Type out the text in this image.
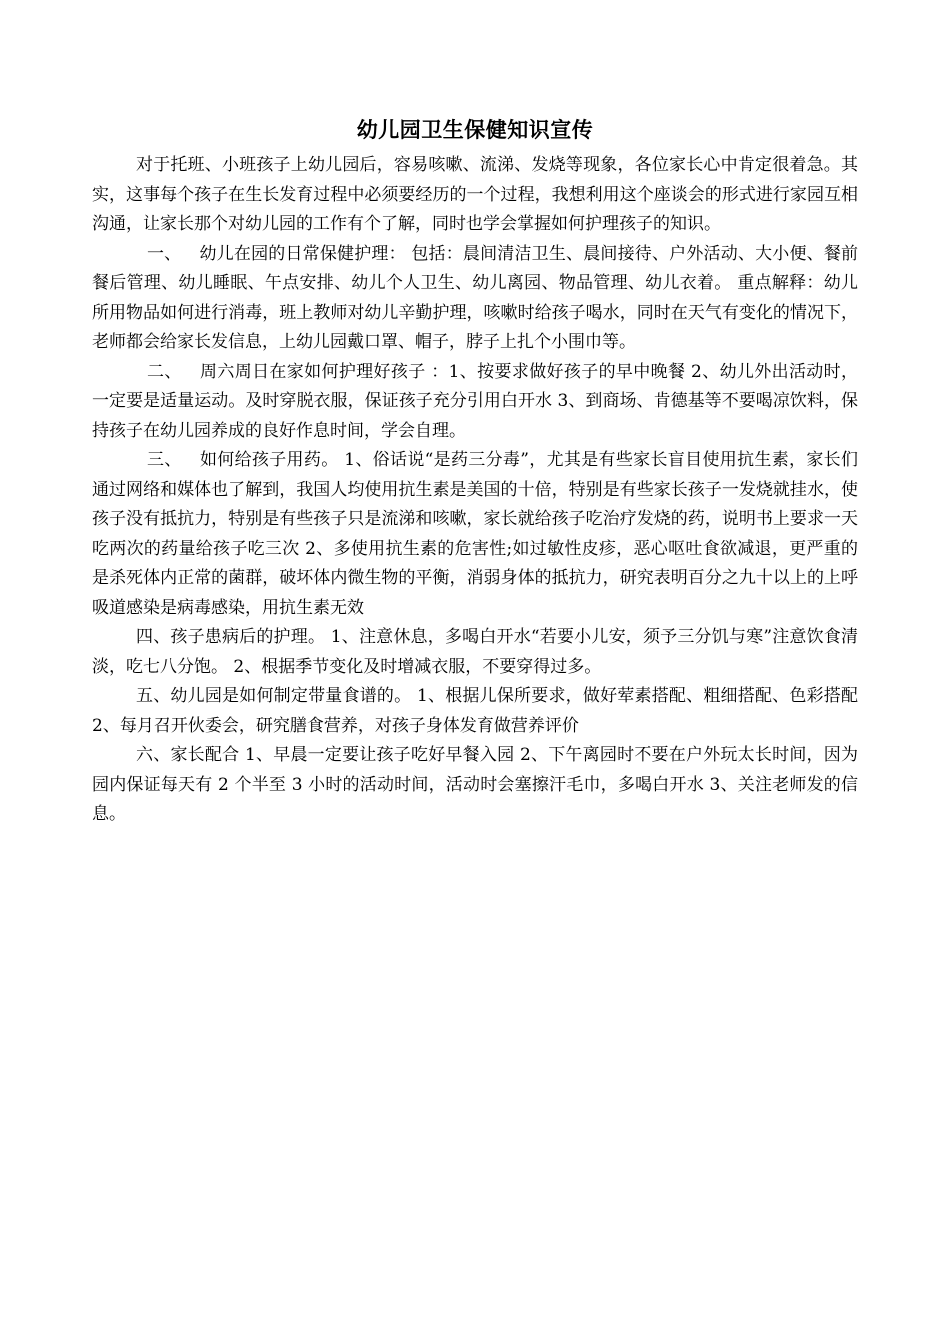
幼儿园卫生保健知识宣传

对于托班、小班孩子上幼儿园后，容易咳嗽、流涕、发烧等现象，各位家长心中肯定很着急。其实，这事每个孩子在生长发育过程中必须要经历的一个过程，我想利用这个座谈会的形式进行家园互相沟通，让家长那个对幼儿园的工作有个了解，同时也学会掌握如何护理孩子的知识。

一、 幼儿在园的日常保健护理： 包括：晨间清洁卫生、晨间接待、户外活动、大小便、餐前餐后管理、幼儿睡眠、午点安排、幼儿个人卫生、幼儿离园、物品管理、幼儿衣着。 重点解释：幼儿所用物品如何进行消毒，班上教师对幼儿辛勤护理，咳嗽时给孩子喝水，同时在天气有变化的情况下，老师都会给家长发信息，上幼儿园戴口罩、帽子，脖子上扎个小围巾等。

二、 周六周日在家如何护理好孩子 ：1、按要求做好孩子的早中晚餐 2、幼儿外出活动时，一定要是适量运动。及时穿脱衣服，保证孩子充分引用白开水 3、到商场、肯德基等不要喝凉饮料，保持孩子在幼儿园养成的良好作息时间，学会自理。

三、 如何给孩子用药。 1、俗话说“是药三分毒”，尤其是有些家长盲目使用抗生素，家长们通过网络和媒体也了解到，我国人均使用抗生素是美国的十倍，特别是有些家长孩子一发烧就挂水，使孩子没有抵抗力，特别是有些孩子只是流涕和咳嗽，家长就给孩子吃治疗发烧的药，说明书上要求一天吃两次的药量给孩子吃三次 2、多使用抗生素的危害性;如过敏性皮疹，恶心呕吐食欲减退，更严重的是杀死体内正常的菌群，破坏体内微生物的平衡，消弱身体的抵抗力，研究表明百分之九十以上的上呼吸道感染是病毒感染，用抗生素无效

四、孩子患病后的护理。 1、注意休息，多喝白开水“若要小儿安，须予三分饥与寒”注意饮食清淡，吃七八分饱。 2、根据季节变化及时增减衣服，不要穿得过多。

五、幼儿园是如何制定带量食谱的。 1、根据儿保所要求，做好荤素搭配、粗细搭配、色彩搭配 2、每月召开伙委会，研究膳食营养，对孩子身体发育做营养评价

六、家长配合 1、早晨一定要让孩子吃好早餐入园 2、下午离园时不要在户外玩太长时间，因为园内保证每天有 2 个半至 3 小时的活动时间，活动时会塞擦汗毛巾，多喝白开水 3、关注老师发的信息。
